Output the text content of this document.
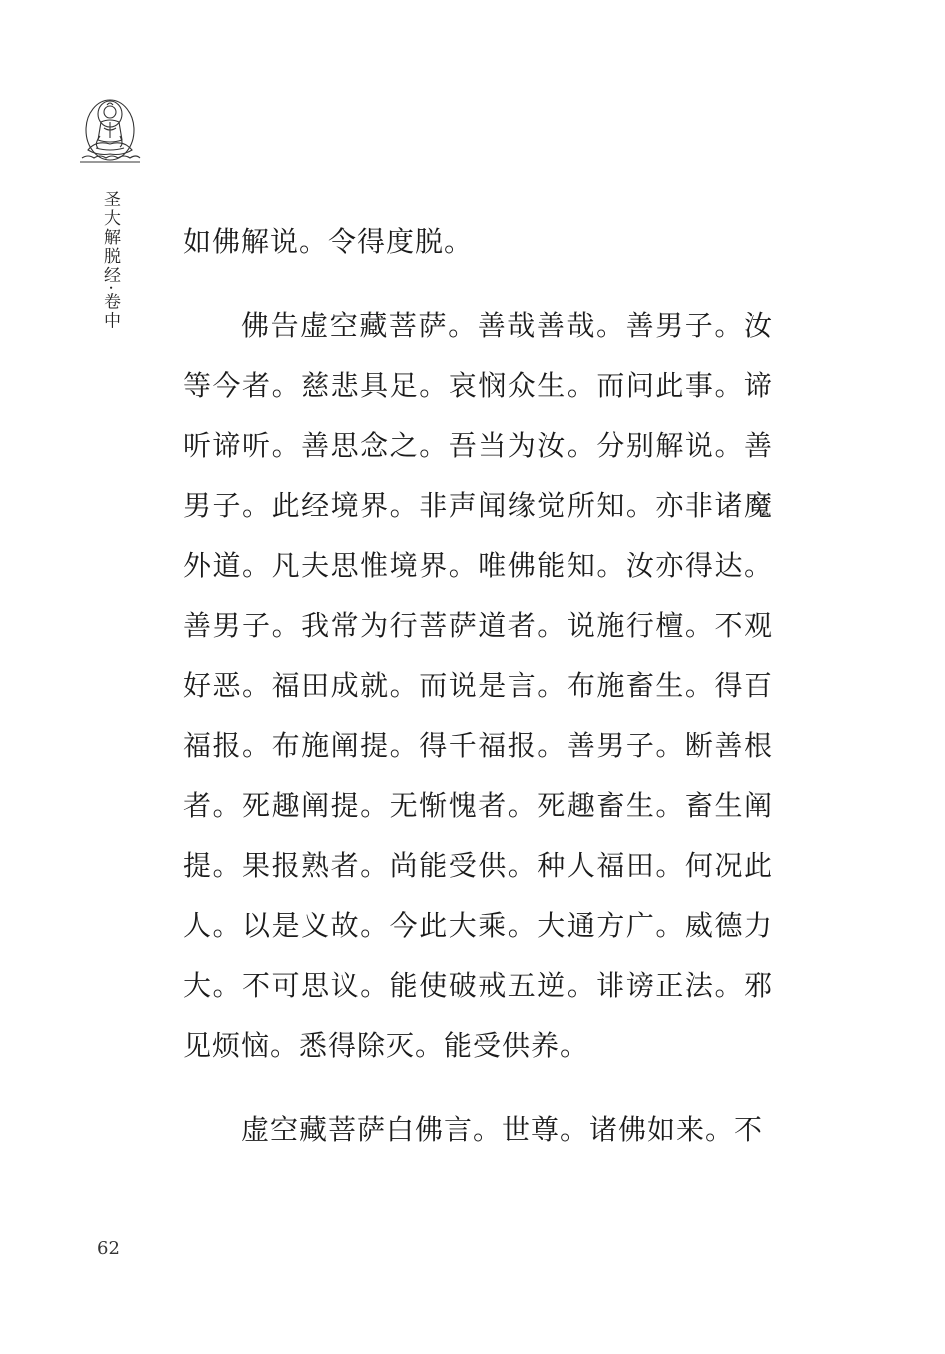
圣大解脱经·卷中 如佛解说。令得度脱。

佛告虚空藏菩萨。善哉善哉。善男子。汝等今者。慈悲具足。哀悯众生。而问此事。谛听谛听。善思念之。吾当为汝。分别解说。善男子。此经境界。非声闻缘觉所知。亦非诸魔外道。凡夫思惟境界。唯佛能知。汝亦得达。善男子。我常为行菩萨道者。说施行檀。不观好恶。福田成就。而说是言。布施畜生。得百福报。布施阐提。得千福报。善男子。断善根者。死趣阐提。无惭愧者。死趣畜生。畜生阐提。果报熟者。尚能受供。种人福田。何况此人。以是义故。今此大乘。大通方广。威德力大。不可思议。能使破戒五逆。诽谤正法。邪见烦恼。悉得除灭。能受供养。

虚空藏菩萨白佛言。世尊。诸佛如来。不

62
